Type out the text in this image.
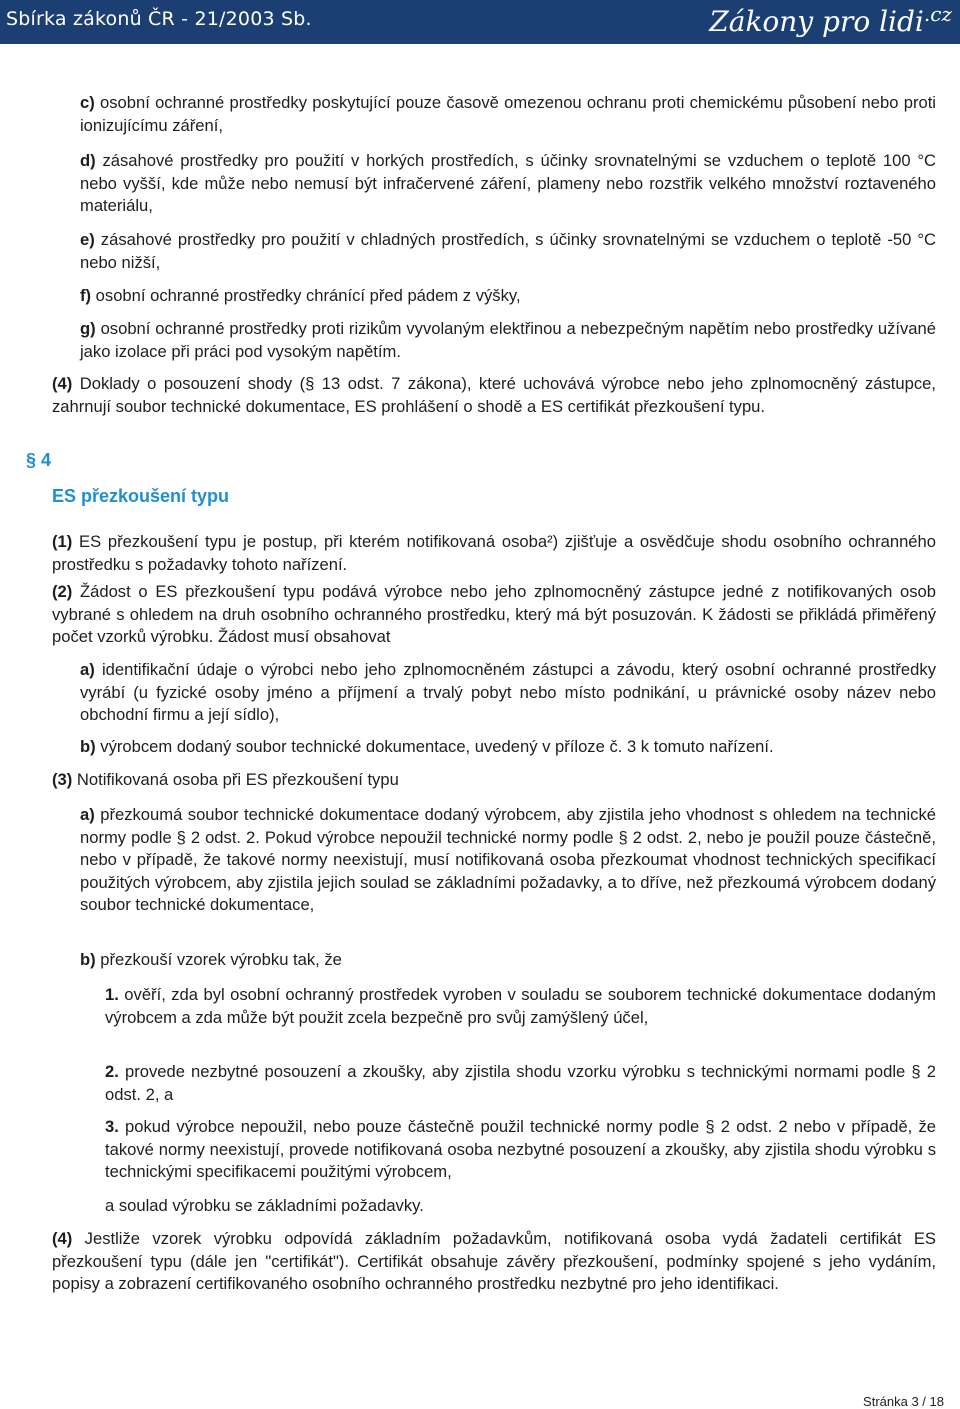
Sbírka zákonů ČR - 21/2003 Sb.	Zákony pro lidi$^{.cz}$

c) osobní ochranné prostředky poskytující pouze časově omezenou ochranu proti chemickému působení nebo proti ionizujícímu záření,

d) zásahové prostředky pro použití v horkých prostředích, s účinky srovnatelnými se vzduchem o teplotě 100 °C nebo vyšší, kde může nebo nemusí být infračervené záření, plameny nebo rozstřik velkého množství roztaveného materiálu,

e) zásahové prostředky pro použití v chladných prostředích, s účinky srovnatelnými se vzduchem o teplotě -50 °C nebo nižší,

f) osobní ochranné prostředky chránící před pádem z výšky,

g) osobní ochranné prostředky proti rizikům vyvolaným elektřinou a nebezpečným napětím nebo prostředky užívané jako izolace při práci pod vysokým napětím.

(4) Doklady o posouzení shody (§ 13 odst. 7 zákona), které uchovává výrobce nebo jeho zplnomocněný zástupce, zahrnují soubor technické dokumentace, ES prohlášení o shodě a ES certifikát přezkoušení typu.

§ 4
ES přezkoušení typu

(1) ES přezkoušení typu je postup, při kterém notifikovaná osoba²) zjišťuje a osvědčuje shodu osobního ochranného prostředku s požadavky tohoto nařízení.

(2) Žádost o ES přezkoušení typu podává výrobce nebo jeho zplnomocněný zástupce jedné z notifikovaných osob vybrané s ohledem na druh osobního ochranného prostředku, který má být posuzován. K žádosti se přikládá přiměřený počet vzorků výrobku. Žádost musí obsahovat

a) identifikační údaje o výrobci nebo jeho zplnomocněném zástupci a závodu, který osobní ochranné prostředky vyrábí (u fyzické osoby jméno a příjmení a trvalý pobyt nebo místo podnikání, u právnické osoby název nebo obchodní firmu a její sídlo),

b) výrobcem dodaný soubor technické dokumentace, uvedený v příloze č. 3 k tomuto nařízení.

(3) Notifikovaná osoba při ES přezkoušení typu

a) přezkoumá soubor technické dokumentace dodaný výrobcem, aby zjistila jeho vhodnost s ohledem na technické normy podle § 2 odst. 2. Pokud výrobce nepoužil technické normy podle § 2 odst. 2, nebo je použil pouze částečně, nebo v případě, že takové normy neexistují, musí notifikovaná osoba přezkoumat vhodnost technických specifikací použitých výrobcem, aby zjistila jejich soulad se základními požadavky, a to dříve, než přezkoumá výrobcem dodaný soubor technické dokumentace,

b) přezkouší vzorek výrobku tak, že

1. ověří, zda byl osobní ochranný prostředek vyroben v souladu se souborem technické dokumentace dodaným výrobcem a zda může být použit zcela bezpečně pro svůj zamýšlený účel,

2. provede nezbytné posouzení a zkoušky, aby zjistila shodu vzorku výrobku s technickými normami podle § 2 odst. 2, a

3. pokud výrobce nepoužil, nebo pouze částečně použil technické normy podle § 2 odst. 2 nebo v případě, že takové normy neexistují, provede notifikovaná osoba nezbytné posouzení a zkoušky, aby zjistila shodu výrobku s technickými specifikacemi použitými výrobcem,

a soulad výrobku se základními požadavky.

(4) Jestliže vzorek výrobku odpovídá základním požadavkům, notifikovaná osoba vydá žadateli certifikát ES přezkoušení typu (dále jen "certifikát"). Certifikát obsahuje závěry přezkoušení, podmínky spojené s jeho vydáním, popisy a zobrazení certifikovaného osobního ochranného prostředku nezbytné pro jeho identifikaci.

Stránka 3 / 18
